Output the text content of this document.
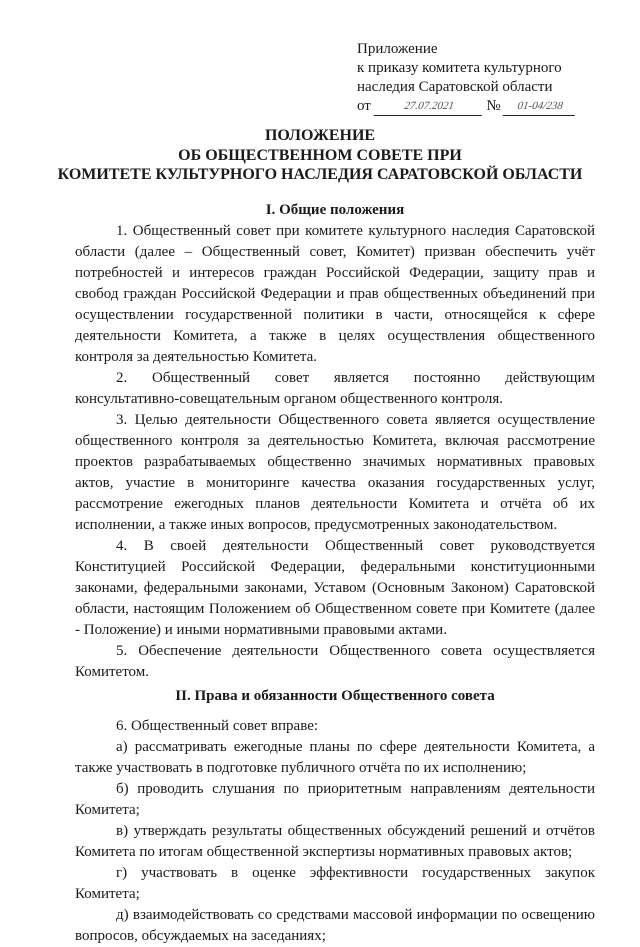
Приложение
к приказу комитета культурного
наследия Саратовской области
от	27.07.2021 № 01-04/238
ПОЛОЖЕНИЕ
ОБ ОБЩЕСТВЕННОМ СОВЕТЕ ПРИ
КОМИТЕТЕ КУЛЬТУРНОГО НАСЛЕДИЯ САРАТОВСКОЙ ОБЛАСТИ
I. Общие положения

1. Общественный совет при комитете культурного наследия Саратовской области (далее – Общественный совет, Комитет) призван обеспечить учёт потребностей и интересов граждан Российской Федерации, защиту прав и свобод граждан Российской Федерации и прав общественных объединений при осуществлении государственной политики в части, относящейся к сфере деятельности Комитета, а также в целях осуществления общественного контроля за деятельностью Комитета.

2. Общественный совет является постоянно действующим консультативно-совещательным органом общественного контроля.

3. Целью деятельности Общественного совета является осуществление общественного контроля за деятельностью Комитета, включая рассмотрение проектов разрабатываемых общественно значимых нормативных правовых актов, участие в мониторинге качества оказания государственных услуг, рассмотрение ежегодных планов деятельности Комитета и отчёта об их исполнении, а также иных вопросов, предусмотренных законодательством.

4. В своей деятельности Общественный совет руководствуется Конституцией Российской Федерации, федеральными конституционными законами, федеральными законами, Уставом (Основным Законом) Саратовской области, настоящим Положением об Общественном совете при Комитете (далее - Положение) и иными нормативными правовыми актами.

5. Обеспечение деятельности Общественного совета осуществляется Комитетом.

II. Права и обязанности Общественного совета

6. Общественный совет вправе:

а) рассматривать ежегодные планы по сфере деятельности Комитета, а также участвовать в подготовке публичного отчёта по их исполнению;

б) проводить слушания по приоритетным направлениям деятельности Комитета;

в) утверждать результаты общественных обсуждений решений и отчётов Комитета по итогам общественной экспертизы нормативных правовых актов;

г) участвовать в оценке эффективности государственных закупок Комитета;

д) взаимодействовать со средствами массовой информации по освещению вопросов, обсуждаемых на заседаниях;
